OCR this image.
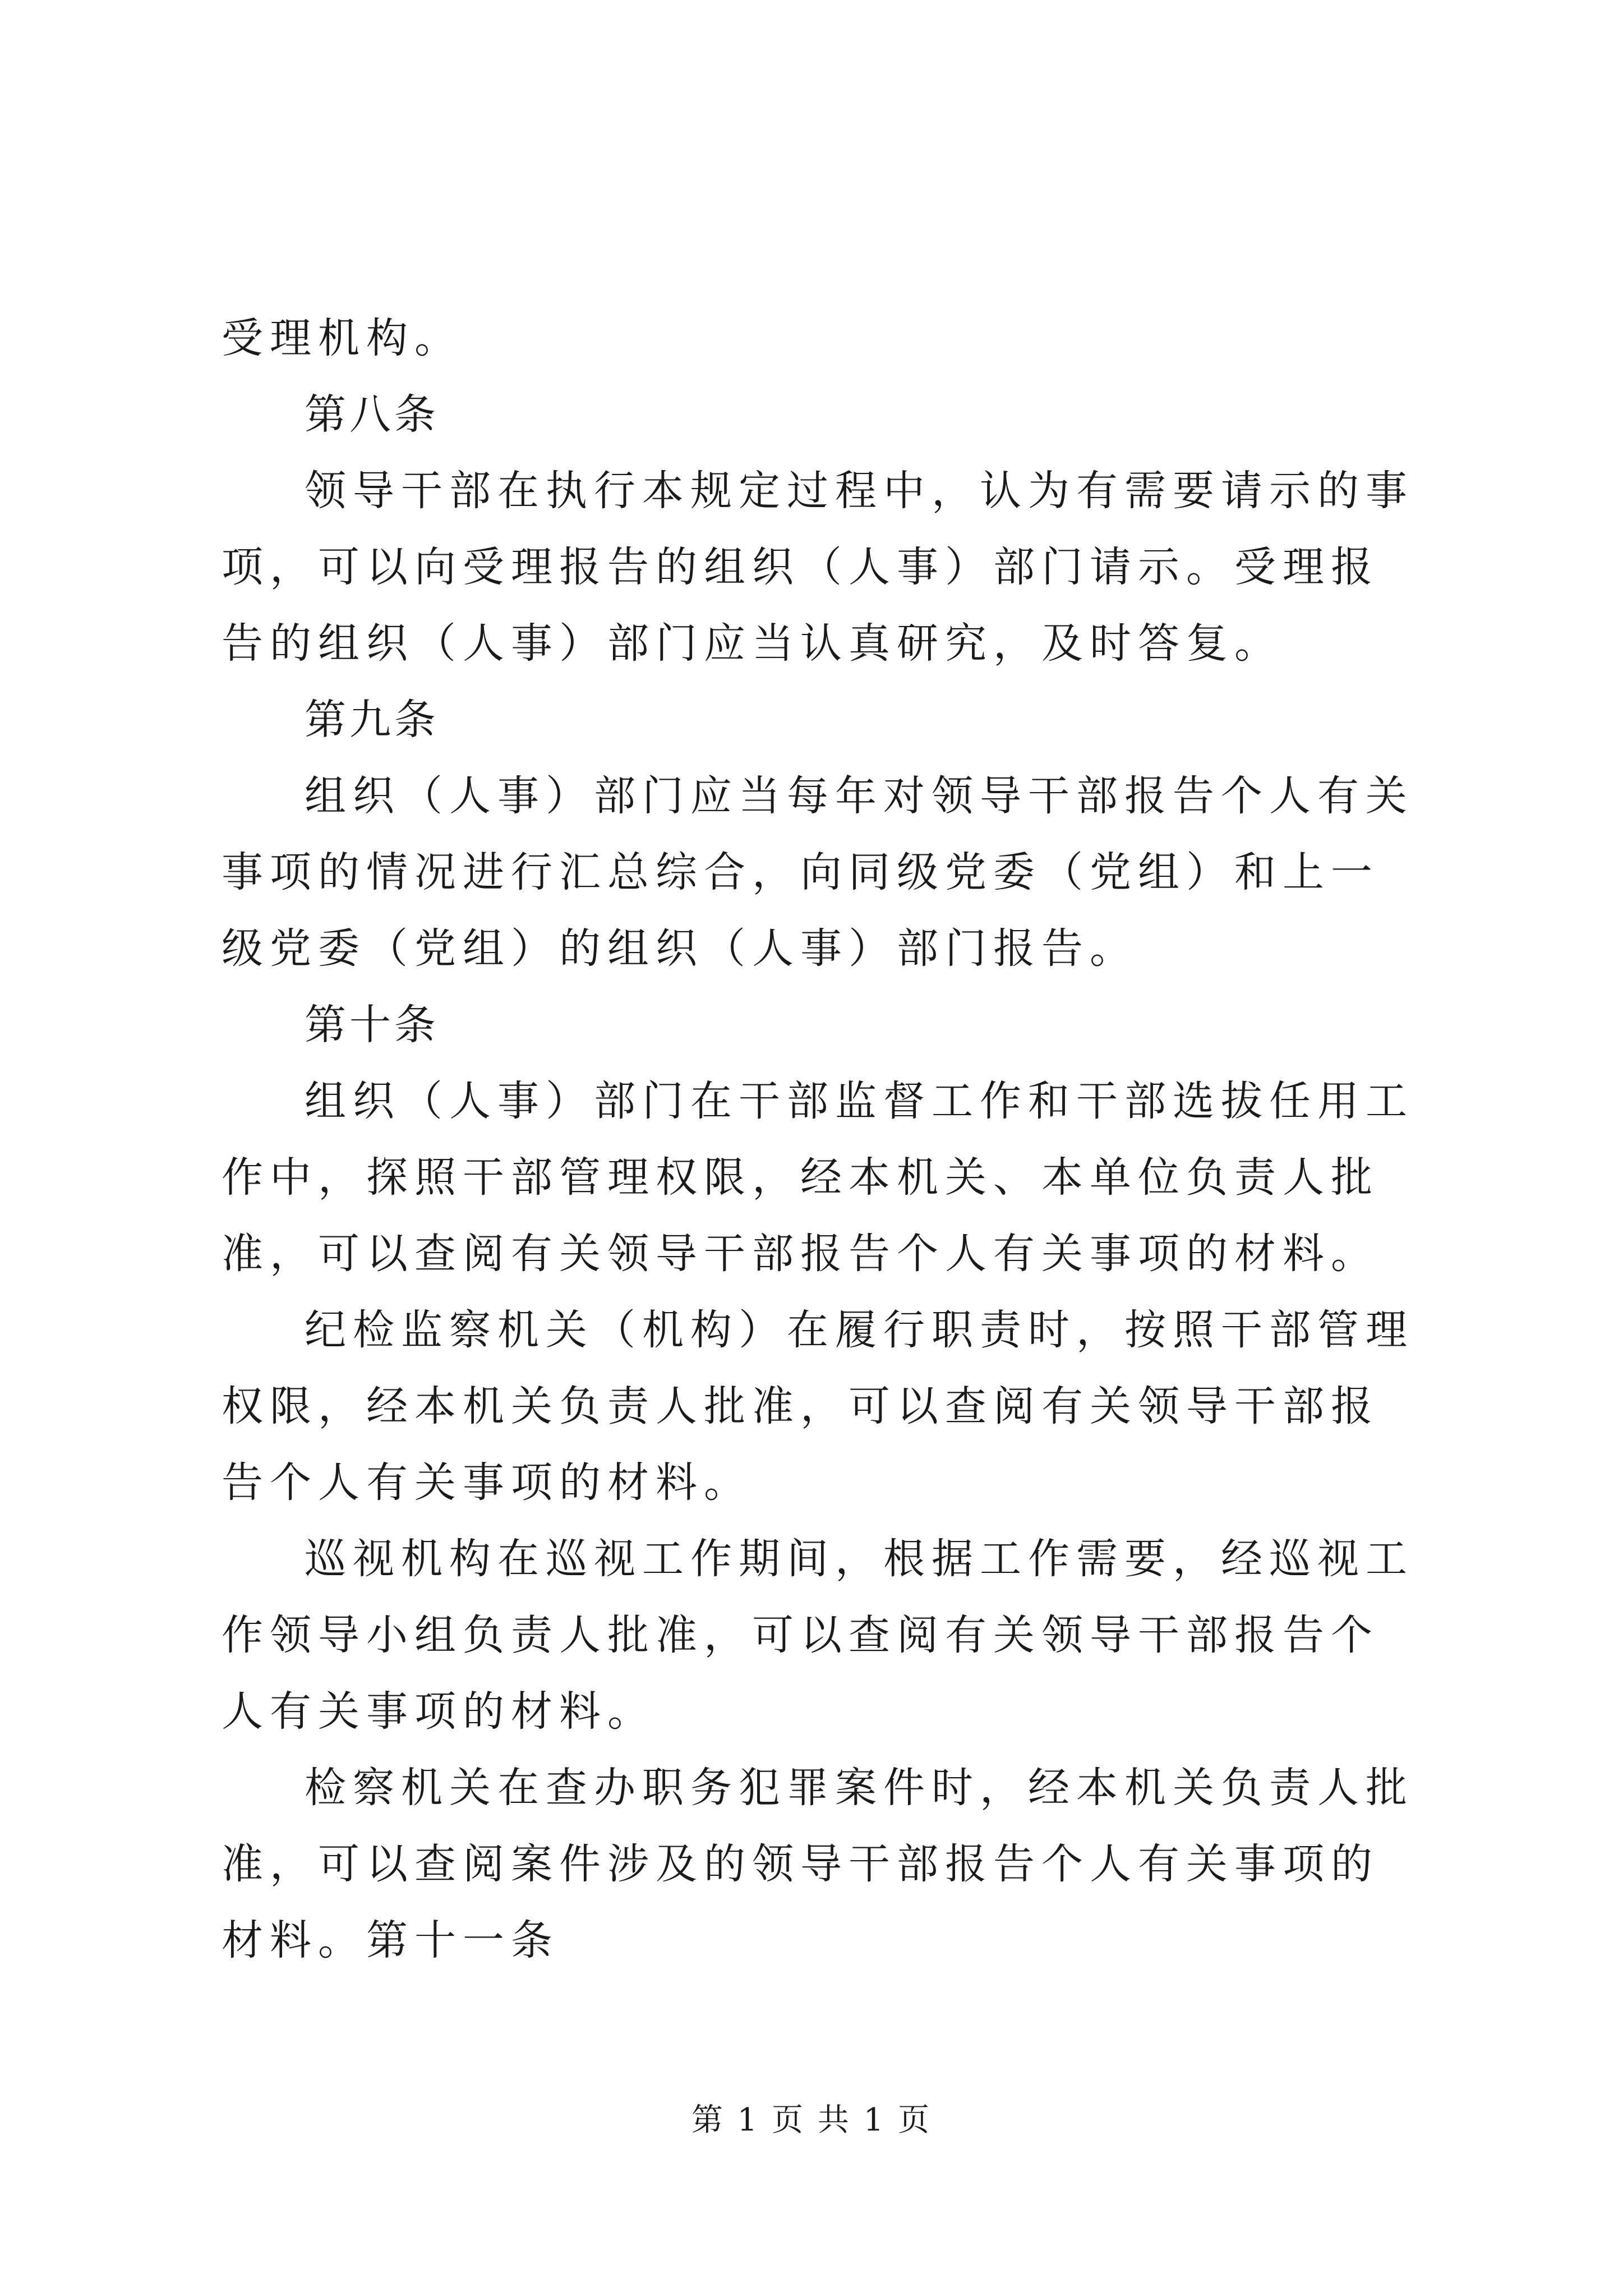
受理机构。

第八条

领导干部在执行本规定过程中，认为有需要请示的事项，可以向受理报告的组织（人事）部门请示。受理报告的组织（人事）部门应当认真研究，及时答复。

第九条

组织（人事）部门应当每年对领导干部报告个人有关事项的情况进行汇总综合，向同级党委（党组）和上一级党委（党组）的组织（人事）部门报告。

第十条

组织（人事）部门在干部监督工作和干部选拔任用工作中，探照干部管理权限，经本机关、本单位负责人批准，可以查阅有关领导干部报告个人有关事项的材料。

纪检监察机关（机构）在履行职责时，按照干部管理权限，经本机关负责人批准，可以查阅有关领导干部报告个人有关事项的材料。

巡视机构在巡视工作期间，根据工作需要，经巡视工作领导小组负责人批准，可以查阅有关领导干部报告个人有关事项的材料。

检察机关在查办职务犯罪案件时，经本机关负责人批准，可以查阅案件涉及的领导干部报告个人有关事项的材料。第十一条

第 1 页 共 1 页
